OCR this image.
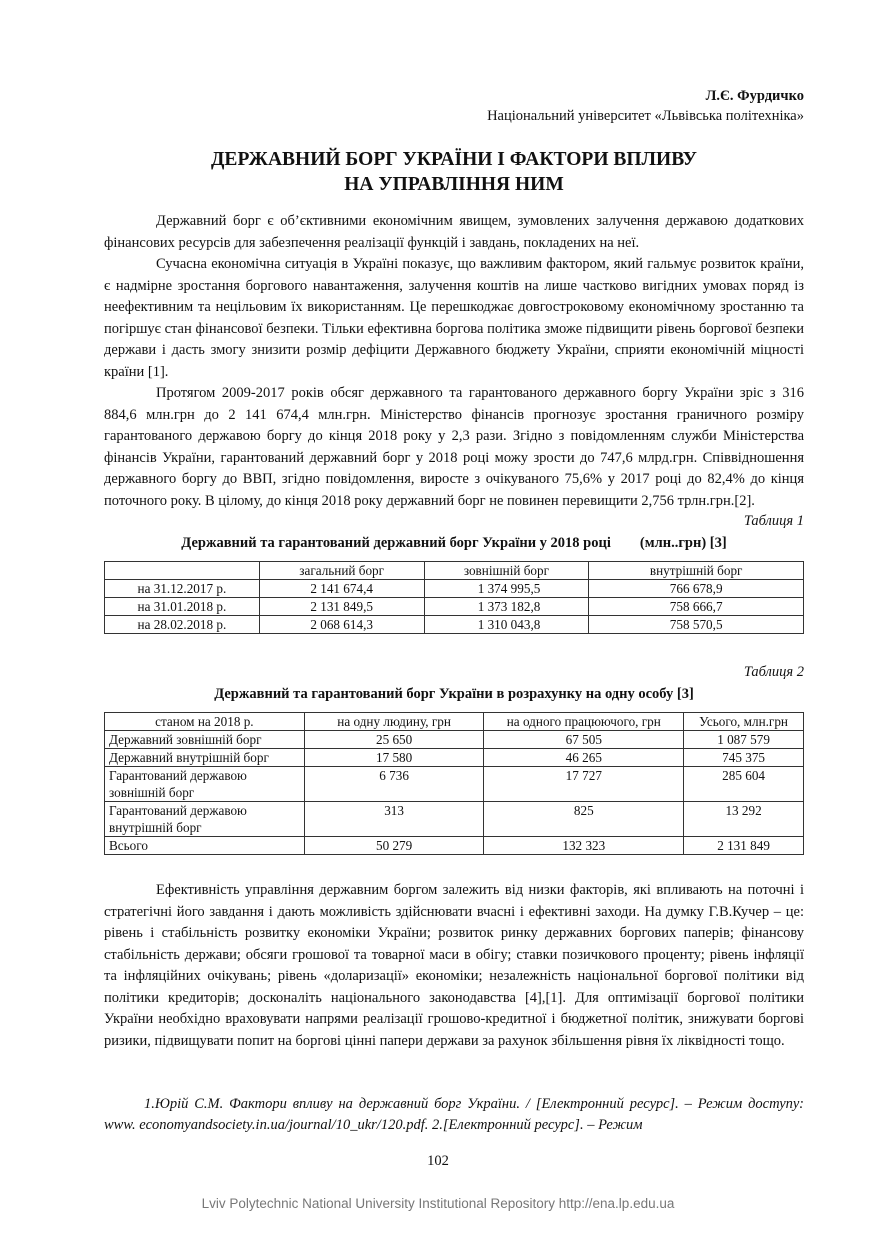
Л.Є. Фурдичко
Національний університет «Львівська політехніка»
ДЕРЖАВНИЙ БОРГ УКРАЇНИ І ФАКТОРИ ВПЛИВУ
НА УПРАВЛІННЯ НИМ

Державний борг є об’єктивними економічним явищем, зумовлених залучення державою додаткових фінансових ресурсів для забезпечення реалізації функцій і завдань, покладених на неї.

Сучасна економічна ситуація в Україні показує, що важливим фактором, який гальмує розвиток країни, є надмірне зростання боргового навантаження, залучення коштів на лише частково вигідних умовах поряд із неефективним та нецільовим їх використанням. Це перешкоджає довгостроковому економічному зростанню та погіршує стан фінансової безпеки. Тільки ефективна боргова політика зможе підвищити рівень боргової безпеки держави і дасть змогу знизити розмір дефіцити Державного бюджету України, сприяти економічній міцності країни [1].

Протягом 2009-2017 років обсяг державного та гарантованого державного боргу України зріс з 316 884,6 млн.грн до 2 141 674,4 млн.грн. Міністерство фінансів прогнозує зростання граничного розміру гарантованого державою боргу до кінця 2018 року у 2,3 рази. Згідно з повідомленням служби Міністерства фінансів України, гарантований державний борг у 2018 році можу зрости до 747,6 млрд.грн. Співвідношення державного боргу до ВВП, згідно повідомлення, виросте з очікуваного 75,6% у 2017 році до 82,4% до кінця поточного року. В цілому, до кінця 2018 року державний борг не повинен перевищити 2,756 трлн.грн.[2].

Таблиця 1
Державний та гарантований державний борг України у 2018 році        (млн..грн) [3]
	загальний борг	зовнішній борг	внутрішній борг
на 31.12.2017 р.	2 141 674,4	1 374 995,5	766 678,9
на 31.01.2018 р.	2 131 849,5	1 373 182,8	758 666,7
на 28.02.2018 р.	2 068 614,3	1 310 043,8	758 570,5
Таблиця 2
Державний та гарантований борг України в розрахунку на одну особу [3]
станом на 2018 р.	на одну людину, грн	на одного працюючого, грн	Усього, млн.грн
Державний зовнішній борг	25 650	67 505	1 087 579
Державний внутрішній борг	17 580	46 265	745 375
Гарантований державою зовнішній борг	6 736	17 727	285 604
Гарантований державою внутрішній борг	313	825	13 292
Всього	50 279	132 323	2 131 849

Ефективність управління державним боргом залежить від низки факторів, які впливають на поточні і стратегічні його завдання і дають можливість здійснювати вчасні і ефективні заходи. На думку Г.В.Кучер – це: рівень і стабільність розвитку економіки України; розвиток ринку державних боргових паперів; фінансову стабільність держави; обсяги грошової та товарної маси в обігу; ставки позичкового проценту; рівень інфляції та інфляційних очікувань; рівень «доларизації» економіки; незалежність національної боргової політики від політики кредиторів; досконаліть національного законодавства [4],[1]. Для оптимізації боргової політики України необхідно враховувати напрями реалізації грошово-кредитної і бюджетної політик, знижувати боргові ризики, підвищувати попит на боргові цінні папери держави за рахунок збільшення рівня їх ліквідності тощо.

1.Юрій С.М. Фактори впливу на державний борг України. / [Електронний ресурс]. – Режим доступу: www. economyandsociety.in.ua/journal/10_ukr/120.pdf. 2.[Електронний ресурс]. – Режим

102
Lviv Polytechnic National University Institutional Repository http://ena.lp.edu.ua
